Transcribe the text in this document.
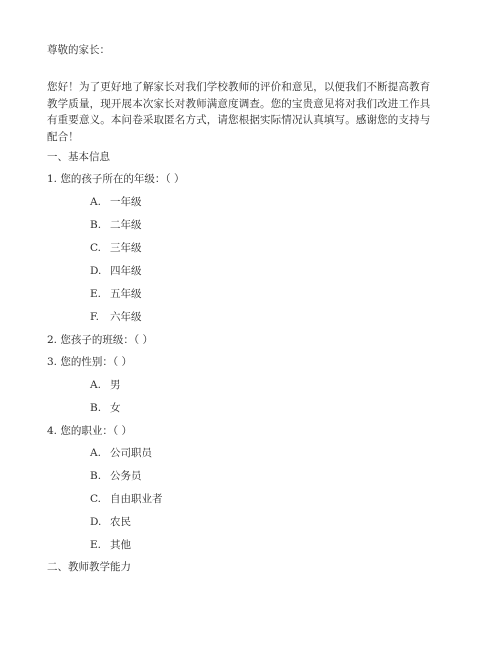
尊敬的家长：
您好！为了更好地了解家长对我们学校教师的评价和意见，以便我们不断提高教育教学质量，现开展本次家长对教师满意度调查。您的宝贵意见将对我们改进工作具有重要意义。本问卷采取匿名方式，请您根据实际情况认真填写。感谢您的支持与配合！
一、基本信息
1. 您的孩子所在的年级：（ ）
A. 一年级
B. 二年级
C. 三年级
D. 四年级
E. 五年级
F. 六年级
2. 您孩子的班级：（ ）
3. 您的性别：（ ）
A. 男
B. 女
4. 您的职业：（ ）
A. 公司职员
B. 公务员
C. 自由职业者
D. 农民
E. 其他
二、教师教学能力
